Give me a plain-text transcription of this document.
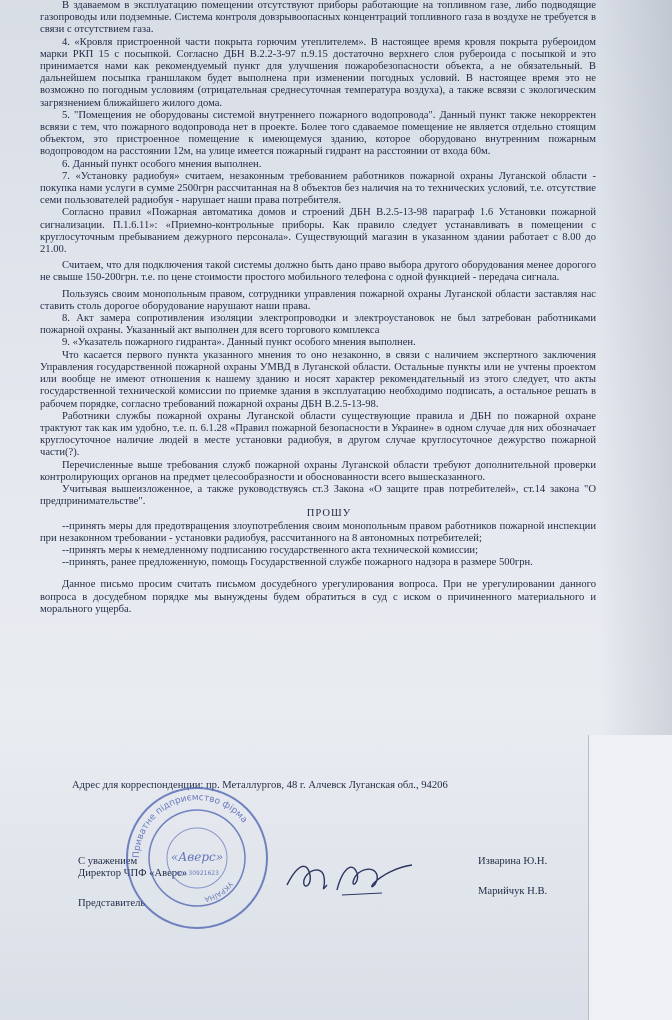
В здаваемом в эксплуатацию помещении отсутствуют приборы работающие на топливном газе, либо подводящие газопроводы или подземные. Система контроля довзрывоопасных концентраций топливного газа в воздухе не требуется в связи с отсутствием газа.

4. «Кровля пристроенной части покрыта горючим утеплителем». В настоящее время кровля покрыта рубероидом марки РКП 15 с посыпкой. Согласно ДБН В.2.2-3-97 п.9.15 достаточно верхнего слоя рубероида с посыпкой и это принимается нами как рекомендуемый пункт для улучшения пожаробезопасности объекта, а не обязательный. В дальнейшем посыпка граншлаком будет выполнена при изменении погодных условий. В настоящее время это не возможно по погодным условиям (отрицательная среднесуточная температура воздуха), а также всвязи с экологическим загрязнением ближайшего жилого дома.

5. "Помещения не оборудованы системой внутреннего пожарного водопровода". Данный пункт также некорректен всвязи с тем, что пожарного водопровода нет в проекте. Более того сдаваемое помещение не является отдельно стоящим объектом, это пристроенное помещение к имеющемуся зданию, которое оборудовано внутренним пожарным водопроводом на расстоянии 12м, на улице имеется пожарный гидрант на расстоянии от входа 60м.

6. Данный пункт особого мнения выполнен.

7. «Установку радиобуя» считаем, незаконным требованием работников пожарной охраны Луганской области - покупка нами услуги в сумме 2500грн рассчитанная на 8 объектов без наличия на то технических условий, т.е. отсутствие семи пользователей радиобуя - нарушает наши права потребителя.

Согласно правил «Пожарная автоматика домов и строений ДБН В.2.5-13-98 параграф 1.6 Установки пожарной сигнализации. П.1.6.11»: «Приемно-контрольные приборы. Как правило следует устанавливать в помещении с круглосуточным пребыванием дежурного персонала». Существующий магазин в указанном здании работает с 8.00 до 21.00.

Считаем, что для подключения такой системы должно быть дано право выбора другого оборудования менее дорогого не свыше 150-200грн. т.е. по цене стоимости простого мобильного телефона с одной функцией - передача сигнала.

Пользуясь своим монопольным правом, сотрудники управления пожарной охраны Луганской области заставляя нас ставить столь дорогое оборудование нарушают наши права.

8. Акт замера сопротивления изоляции электропроводки и электроустановок не был затребован работниками пожарной охраны. Указанный акт выполнен для всего торгового комплекса

9. «Указатель пожарного гидранта». Данный пункт особого мнения выполнен.

Что касается первого пункта указанного мнения то оно незаконно, в связи с наличием экспертного заключения Управления государственной пожарной охраны УМВД в Луганской области. Остальные пункты или не учтены проектом или вообще не имеют отношения к нашему зданию и носят характер рекомендательный из этого следует, что акты государственной технической комиссии по приемке здания в эксплуатацию необходимо подписать, а остальное решать в рабочем порядке, согласно требований пожарной охраны ДБН В.2.5-13-98.

Работники службы пожарной охраны Луганской области существующие правила и ДБН по пожарной охране трактуют так как им удобно, т.е. п. 6.1.28 «Правил пожарной безопасности в Украине» в одном случае для них обозначает круглосуточное наличие людей в месте установки радиобуя, в другом случае круглосуточное дежурство пожарной части(?).

Перечисленные выше требования служб пожарной охраны Луганской области требуют дополнительной проверки контролирующих органов на предмет целесообразности и обоснованности всего вышесказанного.

Учитывая вышеизложенное, а также руководствуясь ст.3 Закона «О защите прав потребителей», ст.14 закона "О предпринимательстве".

ПРОШУ

--принять меры для предотвращения злоупотребления своим монопольным правом работников пожарной инспекции при незаконном требовании - установки радиобуя, рассчитанного на 8 автономных потребителей;

--принять меры к немедленному подписанию государственного акта технической комиссии;

--принять, ранее предложенную, помощь Государственной службе пожарного надзора в размере 500грн.

Данное письмо просим считать письмом досудебного урегулирования вопроса. При не урегулировании данного вопроса в досудебном порядке мы вынуждены будем обратиться в суд с иском о причиненного материального и морального ущерба.

Адрес для корреспонденции: пр. Металлургов, 48 г. Алчевск Луганская обл., 94206
С уважением
Директор ЧПФ «Аверс»
Представитель
Изварина Ю.Н.
Марийчук Н.В.
Приватне підприємство фірма
УКРАЇНА
«Аверс»
код 30921623
